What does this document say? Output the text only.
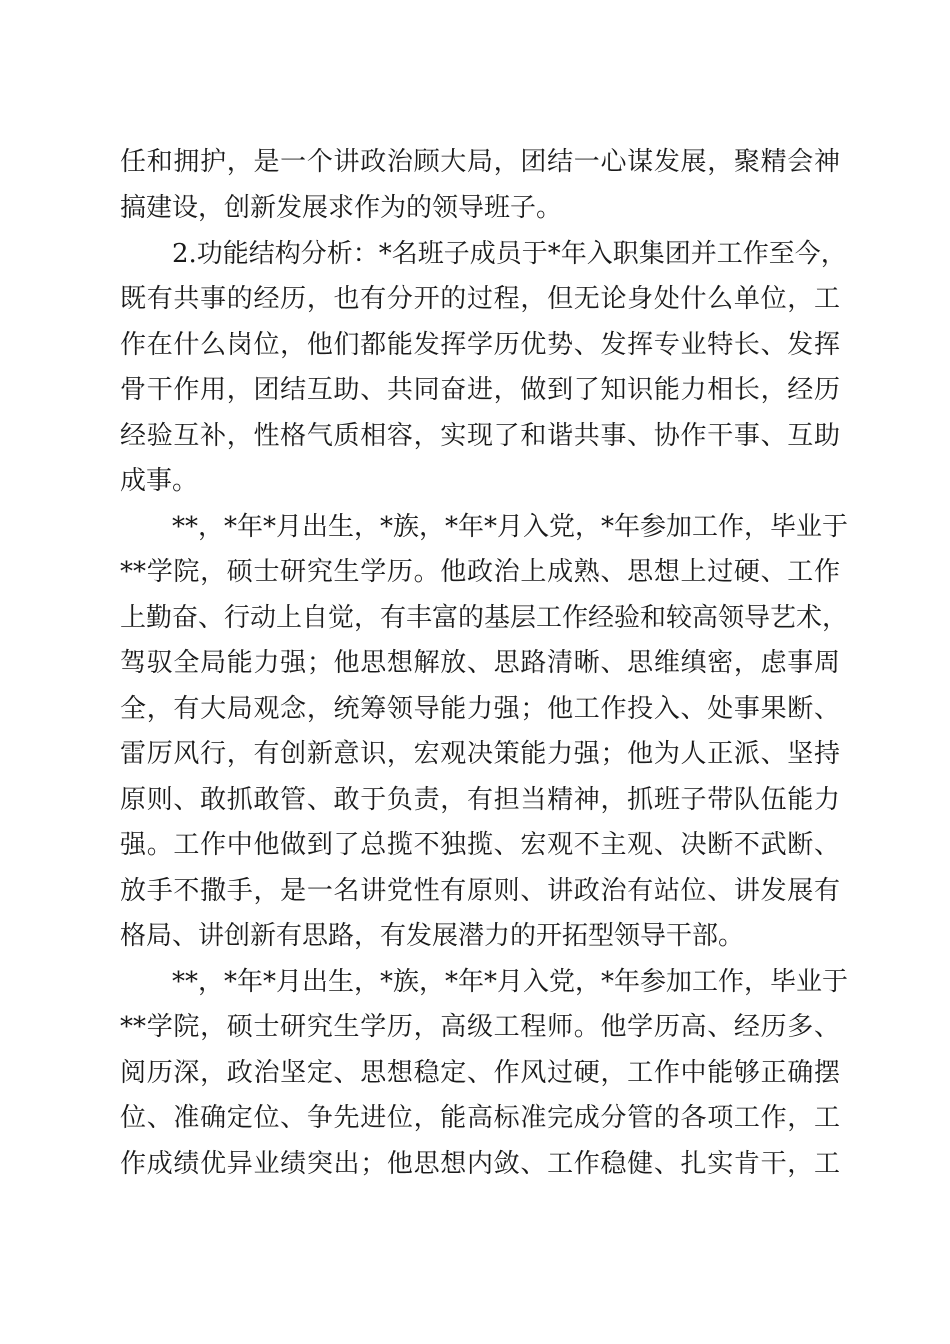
任和拥护，是一个讲政治顾大局，团结一心谋发展，聚精会神
搞建设，创新发展求作为的领导班子。
2.功能结构分析：*名班子成员于*年入职集团并工作至今，
既有共事的经历，也有分开的过程，但无论身处什么单位，工
作在什么岗位，他们都能发挥学历优势、发挥专业特长、发挥
骨干作用，团结互助、共同奋进，做到了知识能力相长，经历
经验互补，性格气质相容，实现了和谐共事、协作干事、互助
成事。
**，*年*月出生，*族，*年*月入党，*年参加工作，毕业于
**学院，硕士研究生学历。他政治上成熟、思想上过硬、工作
上勤奋、行动上自觉，有丰富的基层工作经验和较高领导艺术，
驾驭全局能力强；他思想解放、思路清晰、思维缜密，虑事周
全，有大局观念，统筹领导能力强；他工作投入、处事果断、
雷厉风行，有创新意识，宏观决策能力强；他为人正派、坚持
原则、敢抓敢管、敢于负责，有担当精神，抓班子带队伍能力
强。工作中他做到了总揽不独揽、宏观不主观、决断不武断、
放手不撒手，是一名讲党性有原则、讲政治有站位、讲发展有
格局、讲创新有思路，有发展潜力的开拓型领导干部。
**，*年*月出生，*族，*年*月入党，*年参加工作，毕业于
**学院，硕士研究生学历，高级工程师。他学历高、经历多、
阅历深，政治坚定、思想稳定、作风过硬，工作中能够正确摆
位、准确定位、争先进位，能高标准完成分管的各项工作，工
作成绩优异业绩突出；他思想内敛、工作稳健、扎实肯干，工
